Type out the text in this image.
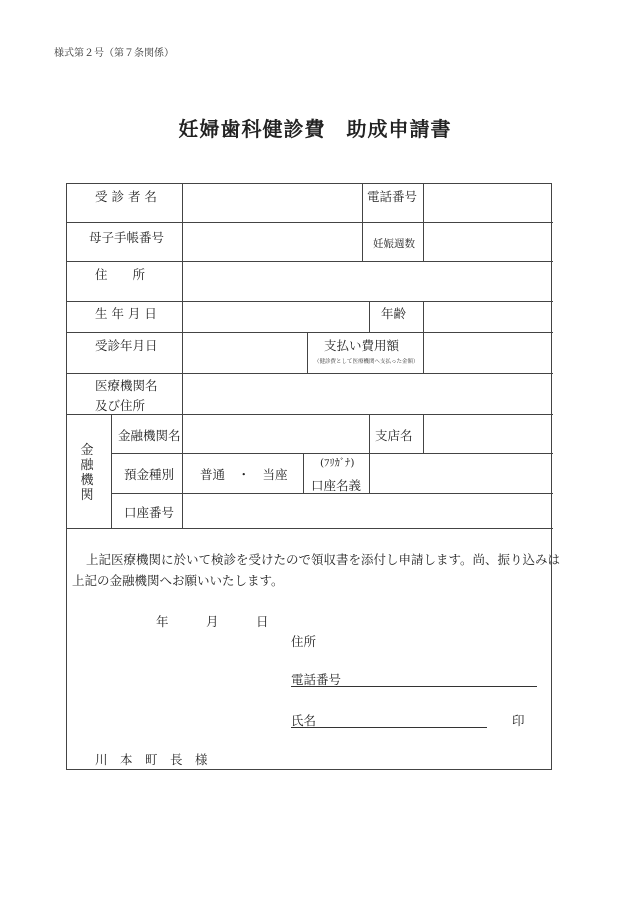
様式第２号（第７条関係）
妊婦歯科健診費　助成申請書
受 診 者 名	電話番号
母子手帳番号	妊娠週数
住　　所
生 年 月 日	年齢
受診年月日	支払い費用額
（健診費として医療機関へ支払った金額）
医療機関名
及び住所
金融機関
金融機関名	支店名
預金種別 普通　・　当座
(ﾌﾘｶﾞﾅ)
口座名義
口座番号
上記医療機関に於いて検診を受けたので領収書を添付し申請します。尚、振り込みは
上記の金融機関へお願いいたします。
年	月	日
住所
電話番号
氏名	印
川　本　町　長　様
